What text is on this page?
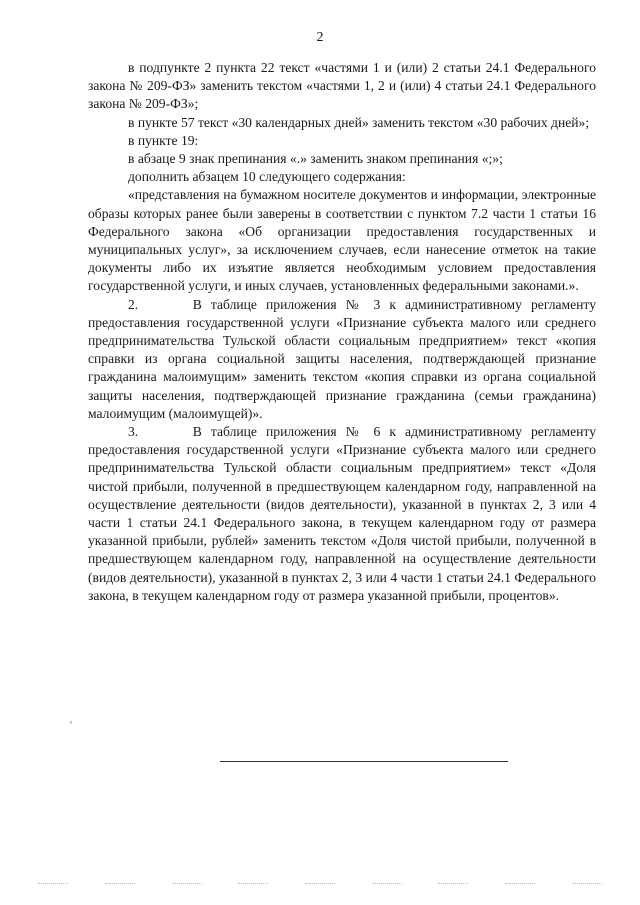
2

в подпункте 2 пункта 22 текст «частями 1 и (или) 2 статьи 24.1 Федерального закона № 209-ФЗ» заменить текстом «частями 1, 2 и (или) 4 статьи 24.1 Федерального закона № 209-ФЗ»;

в пункте 57 текст «30 календарных дней» заменить текстом «30 рабочих дней»;

в пункте 19:

в абзаце 9 знак препинания «.» заменить знаком препинания «;»;

дополнить абзацем 10 следующего содержания:

«представления на бумажном носителе документов и информации, электронные образы которых ранее были заверены в соответствии с пунктом 7.2 части 1 статьи 16 Федерального закона «Об организации предоставления государственных и муниципальных услуг», за исключением случаев, если нанесение отметок на такие документы либо их изъятие является необходимым условием предоставления государственной услуги, и иных случаев, установленных федеральными законами.».

2.      В таблице приложения № 3 к административному регламенту предоставления государственной услуги «Признание субъекта малого или среднего предпринимательства Тульской области социальным предприятием» текст «копия справки из органа социальной защиты населения, подтверждающей признание гражданина малоимущим» заменить текстом «копия справки из органа социальной защиты населения, подтверждающей признание гражданина (семьи гражданина) малоимущим (малоимущей)».

3.      В таблице приложения № 6 к административному регламенту предоставления государственной услуги «Признание субъекта малого или среднего предпринимательства Тульской области социальным предприятием» текст «Доля чистой прибыли, полученной в предшествующем календарном году, направленной на осуществление деятельности (видов деятельности), указанной в пунктах 2, 3 или 4 части 1 статьи 24.1 Федерального закона, в текущем календарном году от размера указанной прибыли, рублей» заменить текстом «Доля чистой прибыли, полученной в предшествующем календарном году, направленной на осуществление деятельности (видов деятельности), указанной в пунктах 2, 3 или 4 части 1 статьи 24.1 Федерального закона, в текущем календарном году от размера указанной прибыли, процентов».

ᵉ
